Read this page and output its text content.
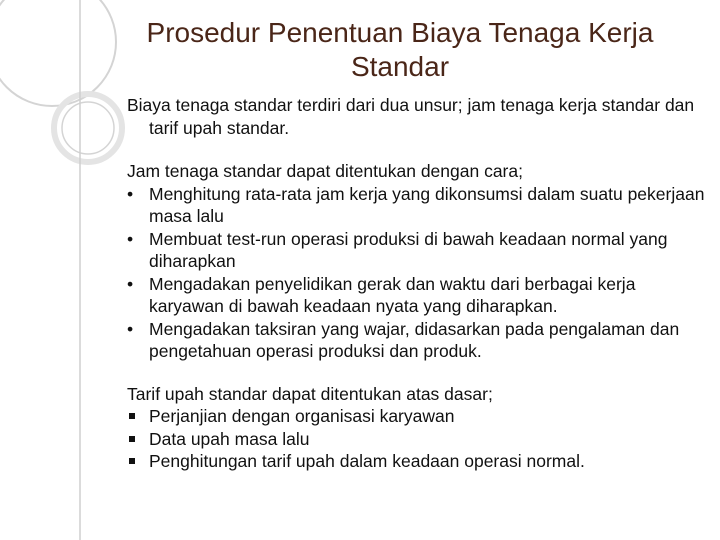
Prosedur Penentuan Biaya Tenaga Kerja Standar

Biaya tenaga standar terdiri dari dua unsur; jam tenaga kerja standar dan tarif upah standar.

Jam tenaga standar dapat ditentukan dengan cara;
• Menghitung rata-rata jam kerja yang dikonsumsi dalam suatu pekerjaan masa lalu
• Membuat test-run operasi produksi di bawah keadaan normal yang diharapkan
• Mengadakan penyelidikan gerak dan waktu dari berbagai kerja karyawan di bawah keadaan nyata yang diharapkan.
• Mengadakan taksiran yang wajar, didasarkan pada pengalaman dan pengetahuan operasi produksi dan produk.
Tarif upah standar dapat ditentukan atas dasar;
Perjanjian dengan organisasi karyawan
Data upah masa lalu
Penghitungan tarif upah dalam keadaan operasi normal.
